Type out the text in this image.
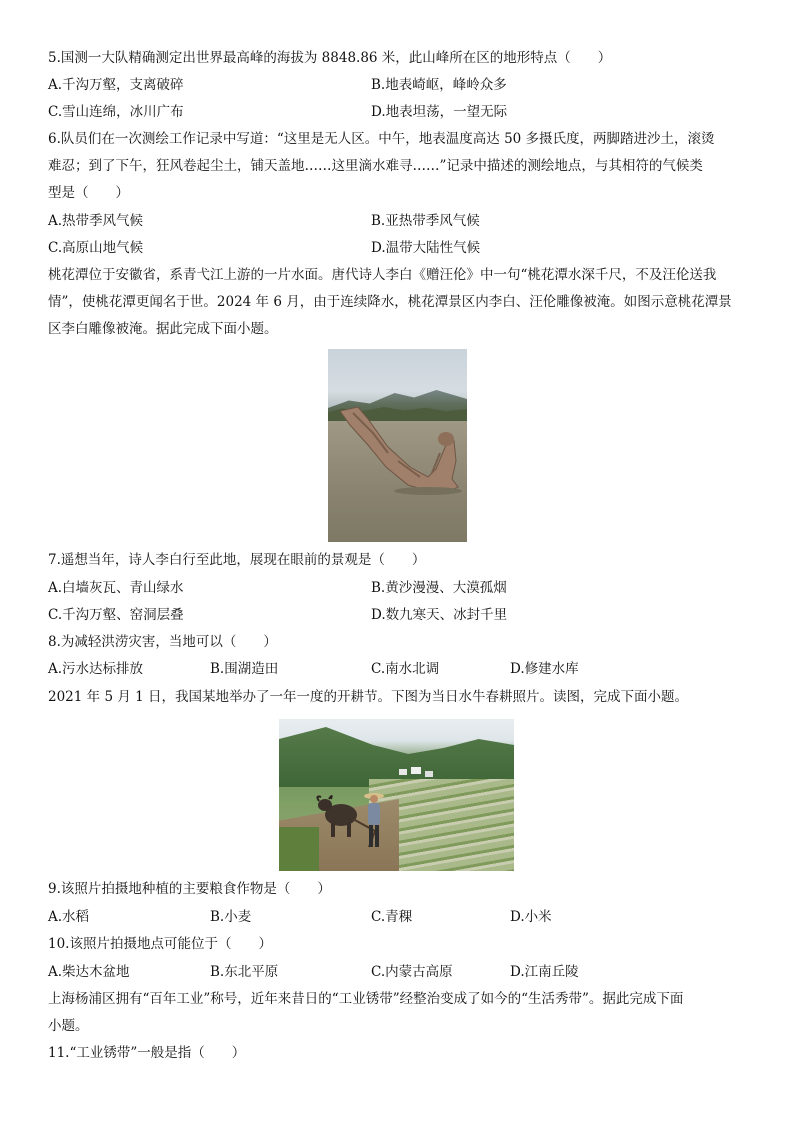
5.国测一大队精确测定出世界最高峰的海拔为 8848.86 米，此山峰所在区的地形特点（　　）
A.千沟万壑，支离破碎	B.地表崎岖，峰岭众多
C.雪山连绵，冰川广布	D.地表坦荡，一望无际
6.队员们在一次测绘工作记录中写道：“这里是无人区。中午，地表温度高达 50 多摄氏度，两脚踏进沙土，滚烫
难忍；到了下午，狂风卷起尘土，铺天盖地……这里滴水难寻……”记录中描述的测绘地点，与其相符的气候类
型是（　　）
A.热带季风气候	B.亚热带季风气候
C.高原山地气候	D.温带大陆性气候
桃花潭位于安徽省，系青弋江上游的一片水面。唐代诗人李白《赠汪伦》中一句“桃花潭水深千尺，不及汪伦送我
情”，使桃花潭更闻名于世。2024 年 6 月，由于连续降水，桃花潭景区内李白、汪伦雕像被淹。如图示意桃花潭景
区李白雕像被淹。据此完成下面小题。
7.遥想当年，诗人李白行至此地，展现在眼前的景观是（　　）
A.白墙灰瓦、青山绿水	B.黄沙漫漫、大漠孤烟
C.千沟万壑、窑洞层叠	D.数九寒天、冰封千里
8.为减轻洪涝灾害，当地可以（　　）
A.污水达标排放	B.围湖造田	C.南水北调	D.修建水库
2021 年 5 月 1 日，我国某地举办了一年一度的开耕节。下图为当日水牛春耕照片。读图，完成下面小题。
9.该照片拍摄地种植的主要粮食作物是（　　）
A.水稻	B.小麦	C.青稞	D.小米
10.该照片拍摄地点可能位于（　　）
A.柴达木盆地	B.东北平原	C.内蒙古高原	D.江南丘陵
上海杨浦区拥有“百年工业”称号，近年来昔日的“工业锈带”经整治变成了如今的“生活秀带”。据此完成下面
小题。
11.“工业锈带”一般是指（　　）
